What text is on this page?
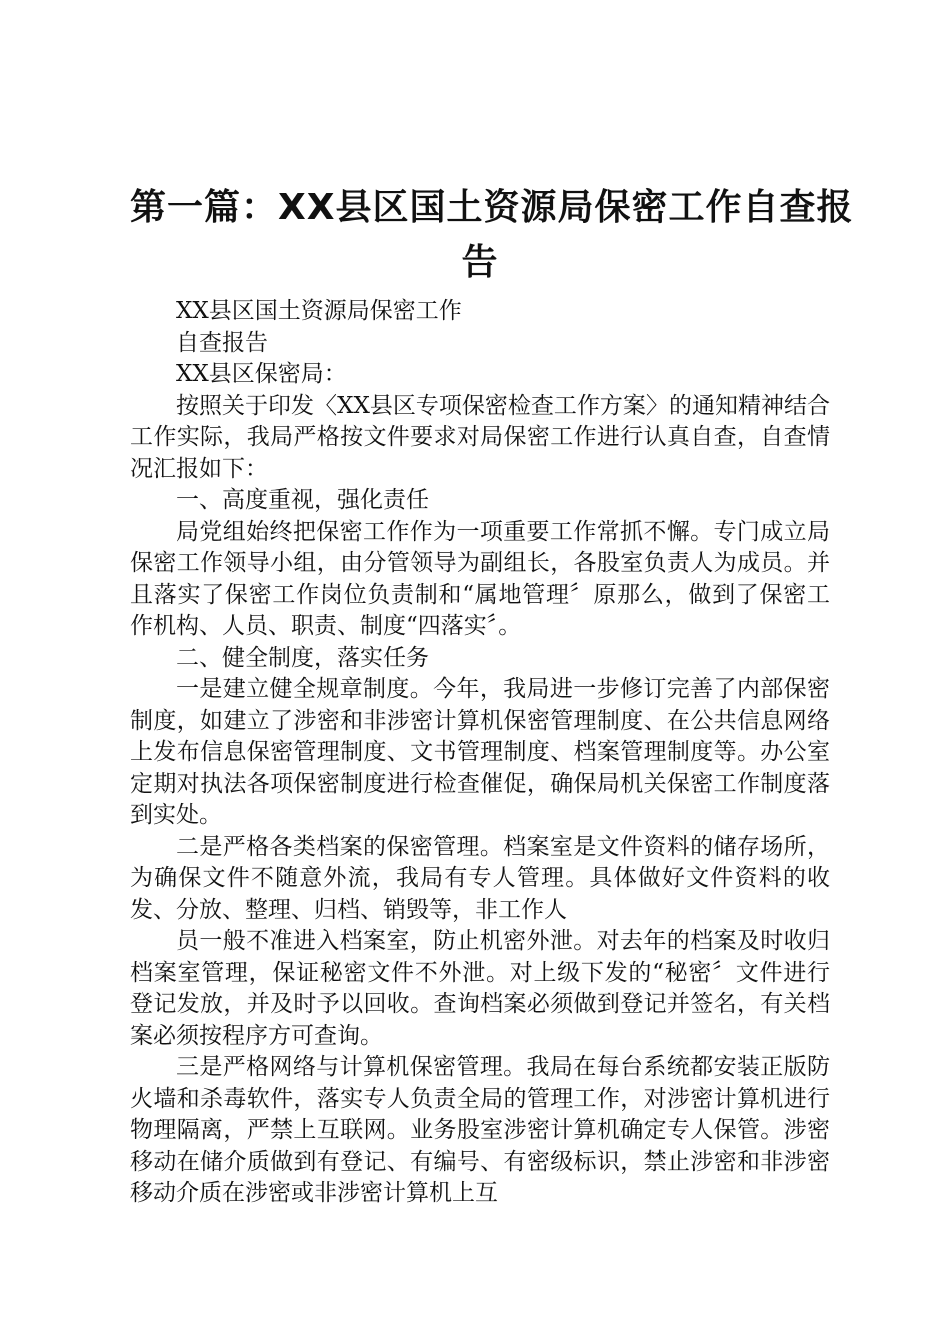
第一篇：XX县区国土资源局保密工作自查报
告

XX县区国土资源局保密工作

自查报告

XX县区保密局：

按照关于印发〈XX县区专项保密检查工作方案〉的通知精神结合工作实际，我局严格按文件要求对局保密工作进行认真自查，自查情况汇报如下：

一、高度重视，强化责任

局党组始终把保密工作作为一项重要工作常抓不懈。专门成立局保密工作领导小组，由分管领导为副组长，各股室负责人为成员。并且落实了保密工作岗位负责制和“属地管理〞原那么，做到了保密工作机构、人员、职责、制度“四落实〞。

二、健全制度，落实任务

一是建立健全规章制度。今年，我局进一步修订完善了内部保密制度，如建立了涉密和非涉密计算机保密管理制度、在公共信息网络上发布信息保密管理制度、文书管理制度、档案管理制度等。办公室定期对执法各项保密制度进行检查催促，确保局机关保密工作制度落到实处。

二是严格各类档案的保密管理。档案室是文件资料的储存场所，为确保文件不随意外流，我局有专人管理。具体做好文件资料的收发、分放、整理、归档、销毁等，非工作人

员一般不准进入档案室，防止机密外泄。对去年的档案及时收归档案室管理，保证秘密文件不外泄。对上级下发的“秘密〞文件进行登记发放，并及时予以回收。查询档案必须做到登记并签名，有关档案必须按程序方可查询。

三是严格网络与计算机保密管理。我局在每台系统都安装正版防火墙和杀毒软件，落实专人负责全局的管理工作，对涉密计算机进行物理隔离，严禁上互联网。业务股室涉密计算机确定专人保管。涉密移动在储介质做到有登记、有编号、有密级标识，禁止涉密和非涉密移动介质在涉密或非涉密计算机上互
